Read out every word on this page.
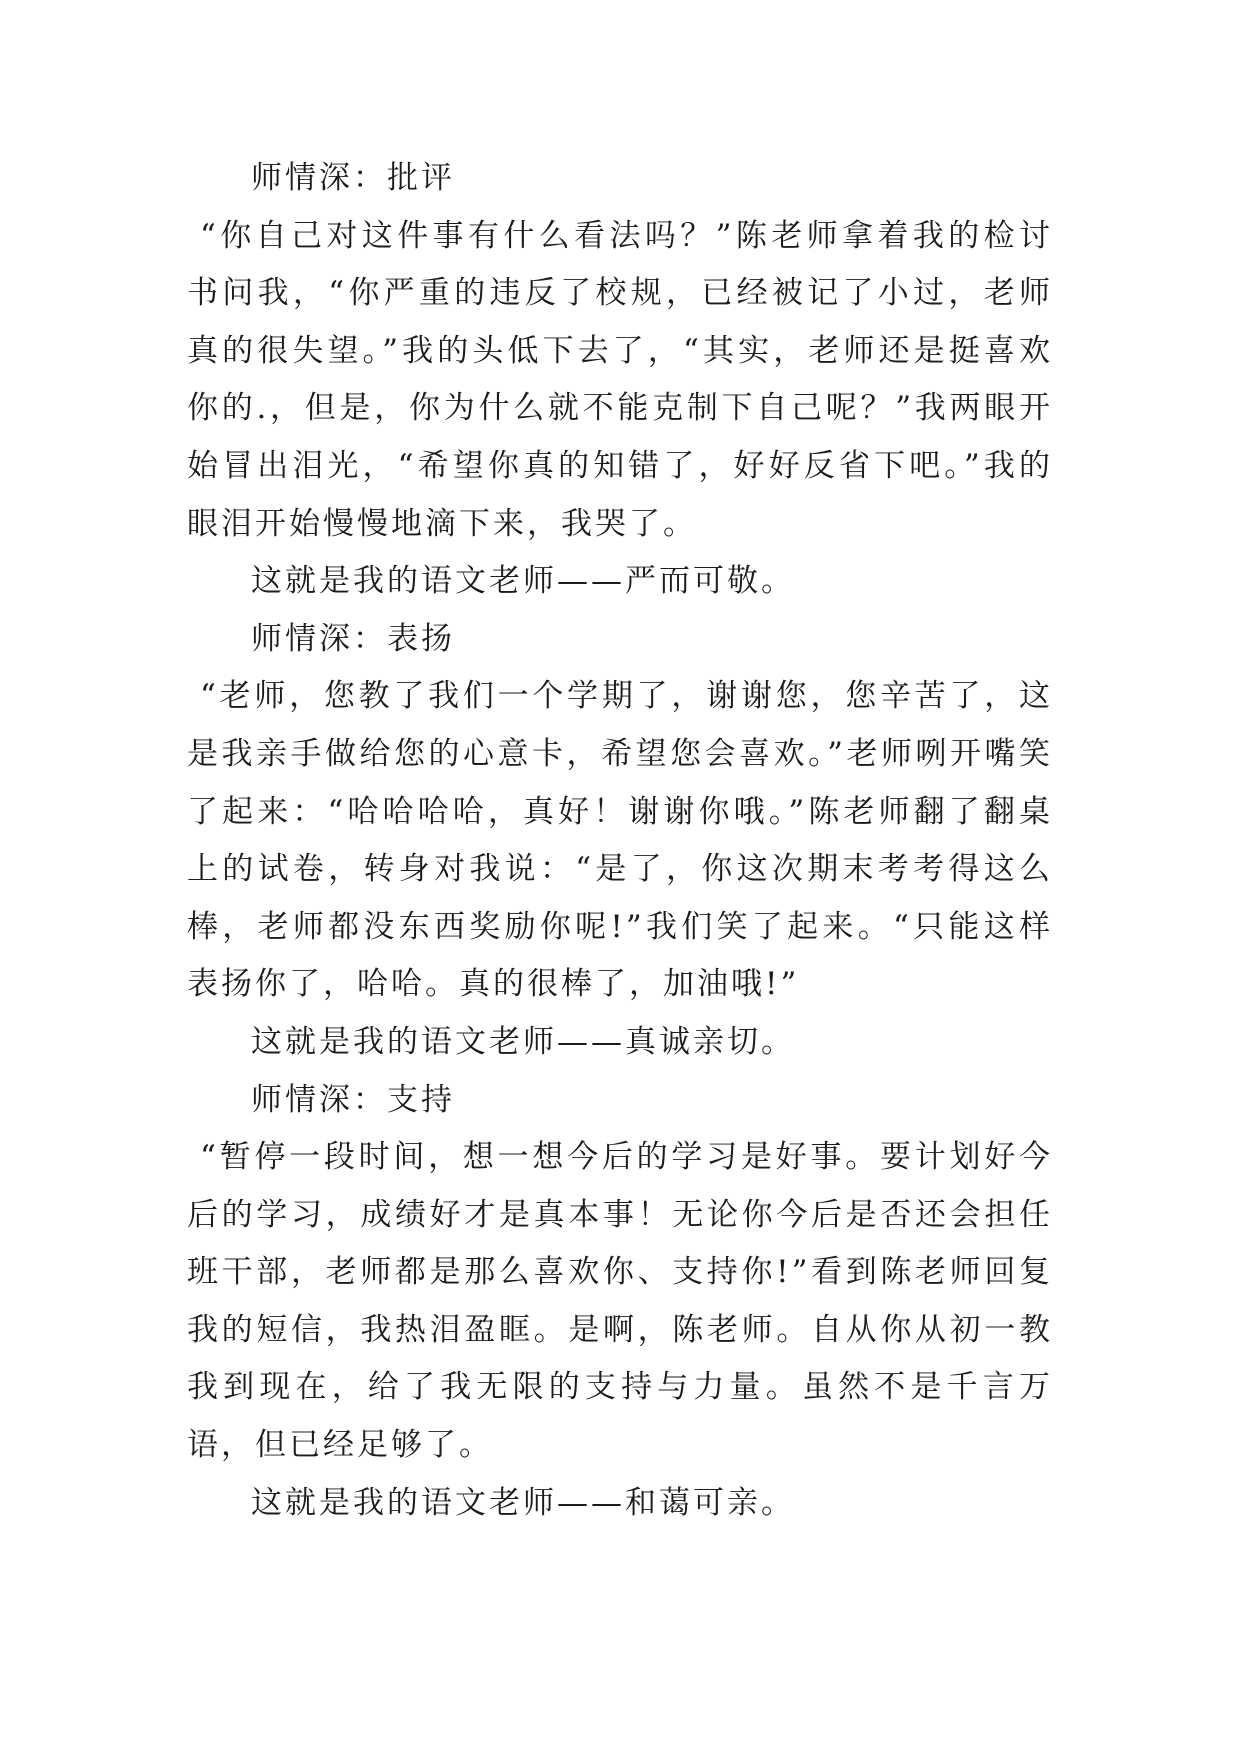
师情深：批评

“你自己对这件事有什么看法吗？”陈老师拿着我的检讨书问我，“你严重的违反了校规，已经被记了小过，老师真的很失望。”我的头低下去了，“其实，老师还是挺喜欢你的.，但是，你为什么就不能克制下自己呢？”我两眼开始冒出泪光，“希望你真的知错了，好好反省下吧。”我的眼泪开始慢慢地滴下来，我哭了。

这就是我的语文老师——严而可敬。

师情深：表扬

“老师，您教了我们一个学期了，谢谢您，您辛苦了，这是我亲手做给您的心意卡，希望您会喜欢。”老师咧开嘴笑了起来：“哈哈哈哈，真好！谢谢你哦。”陈老师翻了翻桌上的试卷，转身对我说：“是了，你这次期末考考得这么棒，老师都没东西奖励你呢!”我们笑了起来。“只能这样表扬你了，哈哈。真的很棒了，加油哦!”

这就是我的语文老师——真诚亲切。

师情深：支持

“暂停一段时间，想一想今后的学习是好事。要计划好今后的学习，成绩好才是真本事！无论你今后是否还会担任班干部，老师都是那么喜欢你、支持你!”看到陈老师回复我的短信，我热泪盈眶。是啊，陈老师。自从你从初一教我到现在，给了我无限的支持与力量。虽然不是千言万语，但已经足够了。

这就是我的语文老师——和蔼可亲。
